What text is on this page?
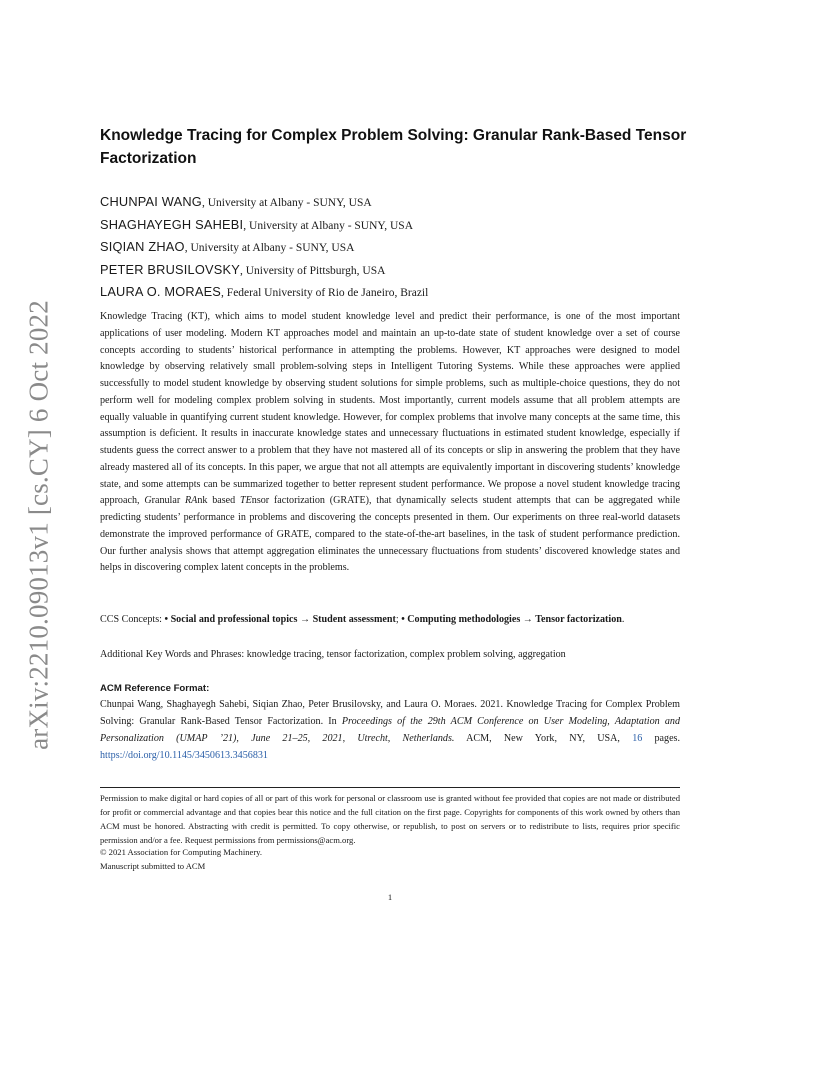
arXiv:2210.09013v1 [cs.CY] 6 Oct 2022
Knowledge Tracing for Complex Problem Solving: Granular Rank-Based Tensor Factorization
CHUNPAI WANG, University at Albany - SUNY, USA
SHAGHAYEGH SAHEBI, University at Albany - SUNY, USA
SIQIAN ZHAO, University at Albany - SUNY, USA
PETER BRUSILOVSKY, University of Pittsburgh, USA
LAURA O. MORAES, Federal University of Rio de Janeiro, Brazil

Knowledge Tracing (KT), which aims to model student knowledge level and predict their performance, is one of the most important applications of user modeling. Modern KT approaches model and maintain an up-to-date state of student knowledge over a set of course concepts according to students’ historical performance in attempting the problems. However, KT approaches were designed to model knowledge by observing relatively small problem-solving steps in Intelligent Tutoring Systems. While these approaches were applied successfully to model student knowledge by observing student solutions for simple problems, such as multiple-choice questions, they do not perform well for modeling complex problem solving in students. Most importantly, current models assume that all problem attempts are equally valuable in quantifying current student knowledge. However, for complex problems that involve many concepts at the same time, this assumption is deficient. It results in inaccurate knowledge states and unnecessary fluctuations in estimated student knowledge, especially if students guess the correct answer to a problem that they have not mastered all of its concepts or slip in answering the problem that they have already mastered all of its concepts. In this paper, we argue that not all attempts are equivalently important in discovering students’ knowledge state, and some attempts can be summarized together to better represent student performance. We propose a novel student knowledge tracing approach, Granular RAnk based TEnsor factorization (GRATE), that dynamically selects student attempts that can be aggregated while predicting students’ performance in problems and discovering the concepts presented in them. Our experiments on three real-world datasets demonstrate the improved performance of GRATE, compared to the state-of-the-art baselines, in the task of student performance prediction. Our further analysis shows that attempt aggregation eliminates the unnecessary fluctuations from students’ discovered knowledge states and helps in discovering complex latent concepts in the problems.

CCS Concepts: • Social and professional topics → Student assessment; • Computing methodologies → Tensor factorization.
Additional Key Words and Phrases: knowledge tracing, tensor factorization, complex problem solving, aggregation
ACM Reference Format:

Chunpai Wang, Shaghayegh Sahebi, Siqian Zhao, Peter Brusilovsky, and Laura O. Moraes. 2021. Knowledge Tracing for Complex Problem Solving: Granular Rank-Based Tensor Factorization. In Proceedings of the 29th ACM Conference on User Modeling, Adaptation and Personalization (UMAP ’21), June 21–25, 2021, Utrecht, Netherlands. ACM, New York, NY, USA, 16 pages. https://doi.org/10.1145/3450613.3456831

Permission to make digital or hard copies of all or part of this work for personal or classroom use is granted without fee provided that copies are not made or distributed for profit or commercial advantage and that copies bear this notice and the full citation on the first page. Copyrights for components of this work owned by others than ACM must be honored. Abstracting with credit is permitted. To copy otherwise, or republish, to post on servers or to redistribute to lists, requires prior specific permission and/or a fee. Request permissions from permissions@acm.org.

© 2021 Association for Computing Machinery.
Manuscript submitted to ACM
1
